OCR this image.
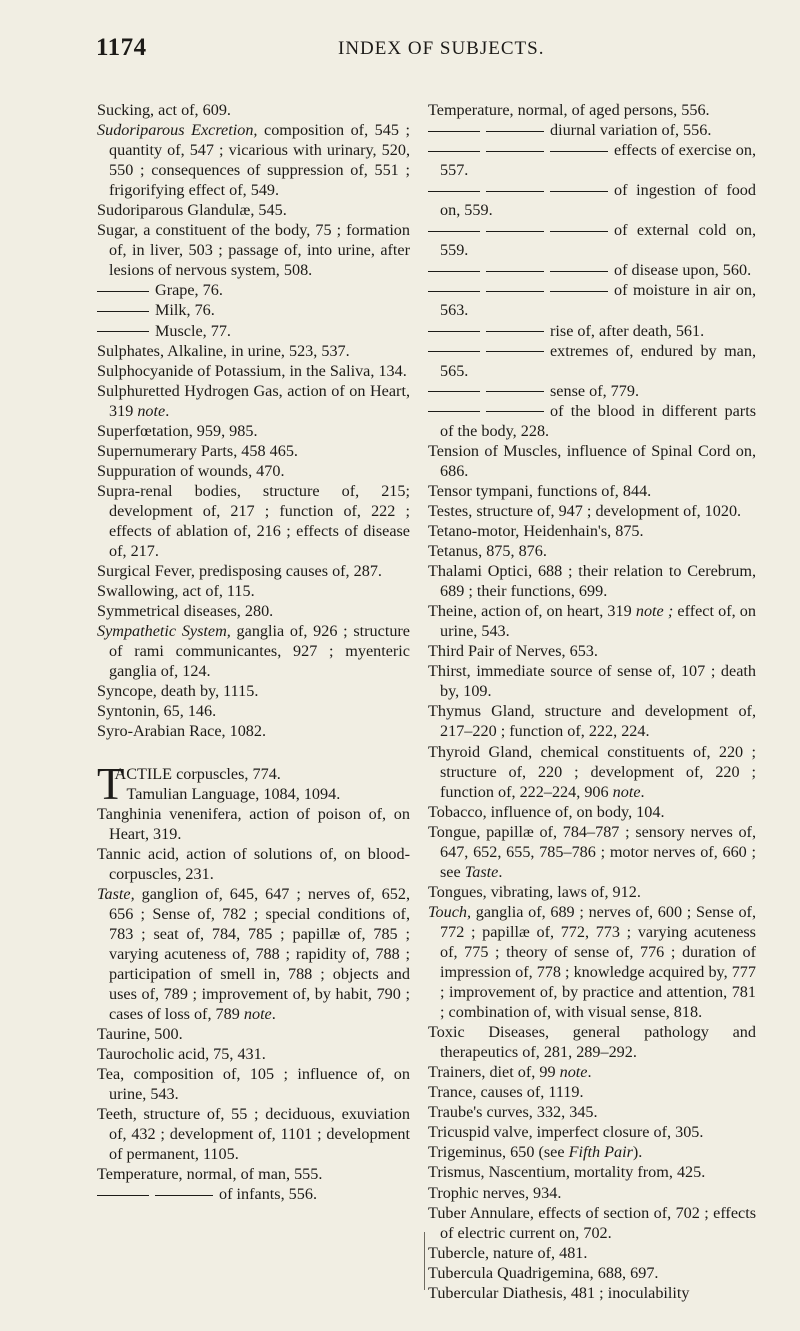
1174	INDEX OF SUBJECTS.
Sucking, act of, 609.
Sudoriparous Excretion, composition of, 545 ; quantity of, 547 ; vicarious with urinary, 520, 550 ; consequences of suppression of, 551 ; frigorifying effect of, 549.
Sudoriparous Glandulæ, 545.
Sugar, a constituent of the body, 75 ; formation of, in liver, 503 ; passage of, into urine, after lesions of nervous system, 508.
Grape, 76.
Milk, 76.
Muscle, 77.
Sulphates, Alkaline, in urine, 523, 537.
Sulphocyanide of Potassium, in the Saliva, 134.
Sulphuretted Hydrogen Gas, action of on Heart, 319 note.
Superfœtation, 959, 985.
Supernumerary Parts, 458 465.
Suppuration of wounds, 470.
Supra-renal bodies, structure of, 215; development of, 217 ; function of, 222 ; effects of ablation of, 216 ; effects of disease of, 217.
Surgical Fever, predisposing causes of, 287.
Swallowing, act of, 115.
Symmetrical diseases, 280.
Sympathetic System, ganglia of, 926 ; structure of rami communicantes, 927 ; myenteric ganglia of, 124.
Syncope, death by, 1115.
Syntonin, 65, 146.
Syro-Arabian Race, 1082.
T
ACTILE corpuscles, 774.
Tamulian Language, 1084, 1094.
Tanghinia venenifera, action of poison of, on Heart, 319.
Tannic acid, action of solutions of, on blood-corpuscles, 231.
Taste, ganglion of, 645, 647 ; nerves of, 652, 656 ; Sense of, 782 ; special conditions of, 783 ; seat of, 784, 785 ; papillæ of, 785 ; varying acuteness of, 788 ; rapidity of, 788 ; participation of smell in, 788 ; objects and uses of, 789 ; improvement of, by habit, 790 ; cases of loss of, 789 note.
Taurine, 500.
Taurocholic acid, 75, 431.
Tea, composition of, 105 ; influence of, on urine, 543.
Teeth, structure of, 55 ; deciduous, exuviation of, 432 ; development of, 1101 ; development of permanent, 1105.
Temperature, normal, of man, 555.
of infants, 556.
Temperature, normal, of aged persons, 556.
diurnal variation of, 556.
effects of exercise on, 557.
of ingestion of food on, 559.
of external cold on, 559.
of disease upon, 560.
of moisture in air on, 563.
rise of, after death, 561.
extremes of, endured by man, 565.
sense of, 779.
of the blood in different parts of the body, 228.
Tension of Muscles, influence of Spinal Cord on, 686.
Tensor tympani, functions of, 844.
Testes, structure of, 947 ; development of, 1020.
Tetano-motor, Heidenhain's, 875.
Tetanus, 875, 876.
Thalami Optici, 688 ; their relation to Cerebrum, 689 ; their functions, 699.
Theine, action of, on heart, 319 note ; effect of, on urine, 543.
Third Pair of Nerves, 653.
Thirst, immediate source of sense of, 107 ; death by, 109.
Thymus Gland, structure and development of, 217–220 ; function of, 222, 224.
Thyroid Gland, chemical constituents of, 220 ; structure of, 220 ; development of, 220 ; function of, 222–224, 906 note.
Tobacco, influence of, on body, 104.
Tongue, papillæ of, 784–787 ; sensory nerves of, 647, 652, 655, 785–786 ; motor nerves of, 660 ; see Taste.
Tongues, vibrating, laws of, 912.
Touch, ganglia of, 689 ; nerves of, 600 ; Sense of, 772 ; papillæ of, 772, 773 ; varying acuteness of, 775 ; theory of sense of, 776 ; duration of impression of, 778 ; knowledge acquired by, 777 ; improvement of, by practice and attention, 781 ; combination of, with visual sense, 818.
Toxic Diseases, general pathology and therapeutics of, 281, 289–292.
Trainers, diet of, 99 note.
Trance, causes of, 1119.
Traube's curves, 332, 345.
Tricuspid valve, imperfect closure of, 305.
Trigeminus, 650 (see Fifth Pair).
Trismus, Nascentium, mortality from, 425.
Trophic nerves, 934.
Tuber Annulare, effects of section of, 702 ; effects of electric current on, 702.
Tubercle, nature of, 481.
Tubercula Quadrigemina, 688, 697.
Tubercular Diathesis, 481 ; inoculability
